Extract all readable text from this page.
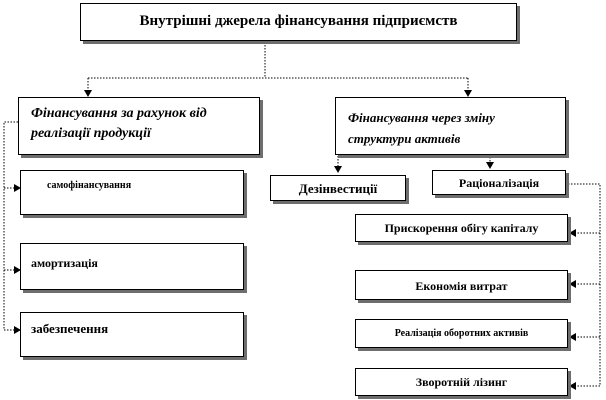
Внутрішні джерела фінансування підприємств
Фінансування за рахунок від
реалізації продукції
самофінансування
амортизація
забезпечення
Фінансування через зміну
структури активів
Дезінвестиції	Раціоналізація
Прискорення обігу капіталу
Економія витрат
Реалізація оборотних активів
Зворотній лізинг
